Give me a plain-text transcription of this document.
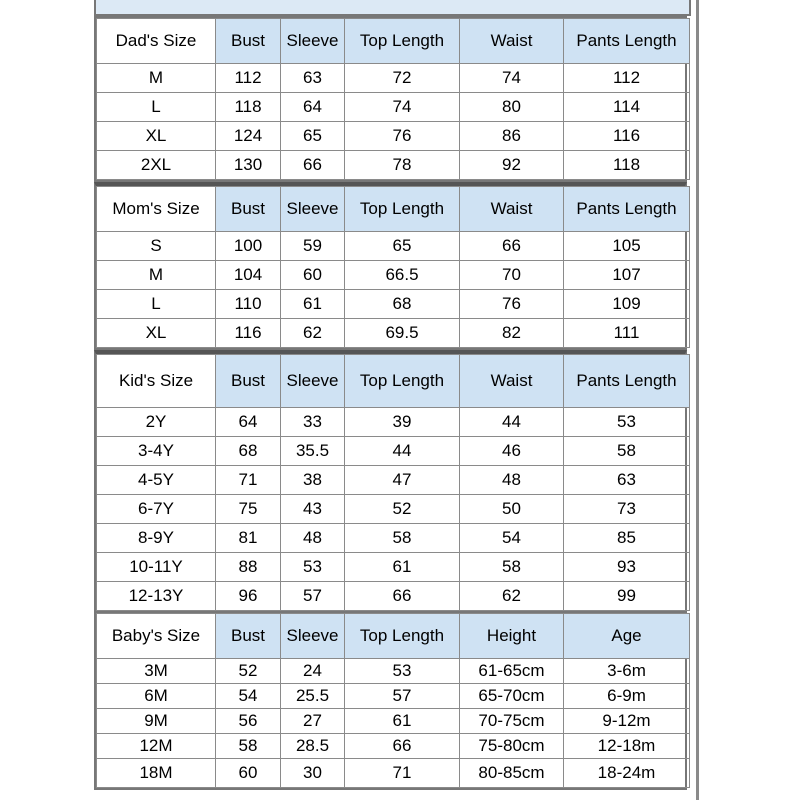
Dad's Size	Bust	Sleeve	Top Length	Waist	Pants Length
M	112	63	72	74	112
L	118	64	74	80	114
XL	124	65	76	86	116
2XL	130	66	78	92	118
Mom's Size	Bust	Sleeve	Top Length	Waist	Pants Length
S	100	59	65	66	105
M	104	60	66.5	70	107
L	110	61	68	76	109
XL	116	62	69.5	82	111
Kid's Size	Bust	Sleeve	Top Length	Waist	Pants Length
2Y	64	33	39	44	53
3-4Y	68	35.5	44	46	58
4-5Y	71	38	47	48	63
6-7Y	75	43	52	50	73
8-9Y	81	48	58	54	85
10-11Y	88	53	61	58	93
12-13Y	96	57	66	62	99
Baby's Size	Bust	Sleeve	Top Length	Height	Age
3M	52	24	53	61-65cm	3-6m
6M	54	25.5	57	65-70cm	6-9m
9M	56	27	61	70-75cm	9-12m
12M	58	28.5	66	75-80cm	12-18m
18M	60	30	71	80-85cm	18-24m
